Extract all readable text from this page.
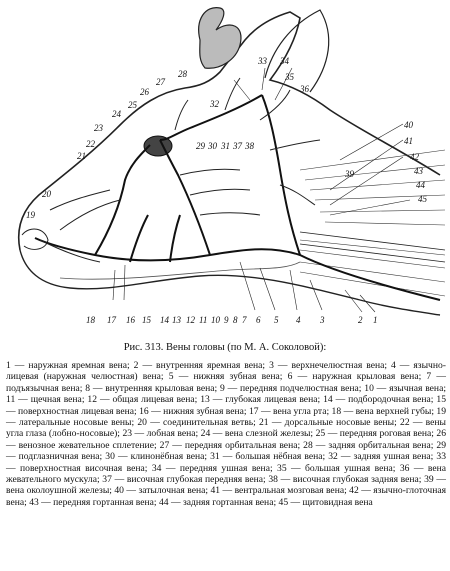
1
2
3
4
5
6
7
8
9
10
11
12
13
14
15
16
17
18
19
20
21
22
23
24
25
26
27
28
29 30 31 37 38
32
33 34
35
36
39
40
41
42
43
44
45
Рис. 313. Вены головы (по М. А. Соколовой):
1 — наружная яремная вена; 2 — внутренняя яремная вена; 3 — верхнечелюстная вена; 4 — язычно-лицевая (наружная челюстная) вена; 5 — нижняя зубная вена; 6 — наружная крыловая вена; 7 — подъязычная вена; 8 — внутренняя крыловая вена; 9 — передняя подчелюстная вена; 10 — язычная вена; 11 — щечная вена; 12 — общая лицевая вена; 13 — глубокая лицевая вена; 14 — подбородочная вена; 15 — поверхностная лицевая вена; 16 — нижняя зубная вена; 17 — вена угла рта; 18 — вена верхней губы; 19 — латеральные носовые вены; 20 — соединительная ветвь; 21 — дорсальные носовые вены; 22 — вены угла глаза (лобно-носовые); 23 — лобная вена; 24 — вена слезной железы; 25 — передняя роговая вена; 26 — венозное жевательное сплетение; 27 — передняя орбитальная вена; 28 — задняя орбитальная вена; 29 — подглазничная вена; 30 — клинонёбная вена; 31 — большая нёбная вена; 32 — задняя ушная вена; 33 — поверхностная височная вена; 34 — передняя ушная вена; 35 — большая ушная вена; 36 — вена жевательного мускула; 37 — височная глубокая передняя вена; 38 — височная глубокая задняя вена; 39 — вена околоушной железы; 40 — затылочная вена; 41 — вентральная мозговая вена; 42 — язычно-глоточная вена; 43 — передняя гортанная вена; 44 — задняя гортанная вена; 45 — щитовидная вена
